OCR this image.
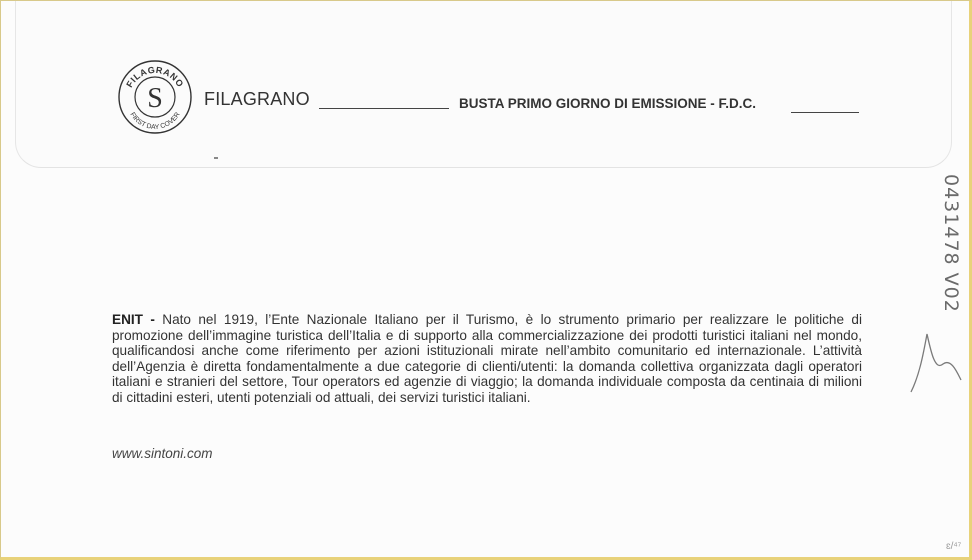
FILAGRANO
S
FIRST DAY COVER
FILAGRANO	BUSTA PRIMO GIORNO DI EMISSIONE - F.D.C.
0431478 V02
ENIT - Nato nel 1919, l’Ente Nazionale Italiano per il Turismo, è lo strumento primario per realizzare le politiche di promozione dell’immagine turistica dell’Italia e di supporto alla commercializzazione dei prodotti turistici italiani nel mondo, qualificandosi anche come riferimento per azioni istituzionali mirate nell’ambito comunitario ed internazionale. L’attività dell’Agenzia è diretta fondamentalmente a due categorie di clienti/utenti: la domanda collettiva organizzata dagli operatori italiani e stranieri del settore, Tour operators ed agenzie di viaggio; la domanda individuale composta da centinaia di milioni di cittadini esteri, utenti potenziali od attuali, dei servizi turistici italiani.
www.sintoni.com
ɛ/⁴⁷
